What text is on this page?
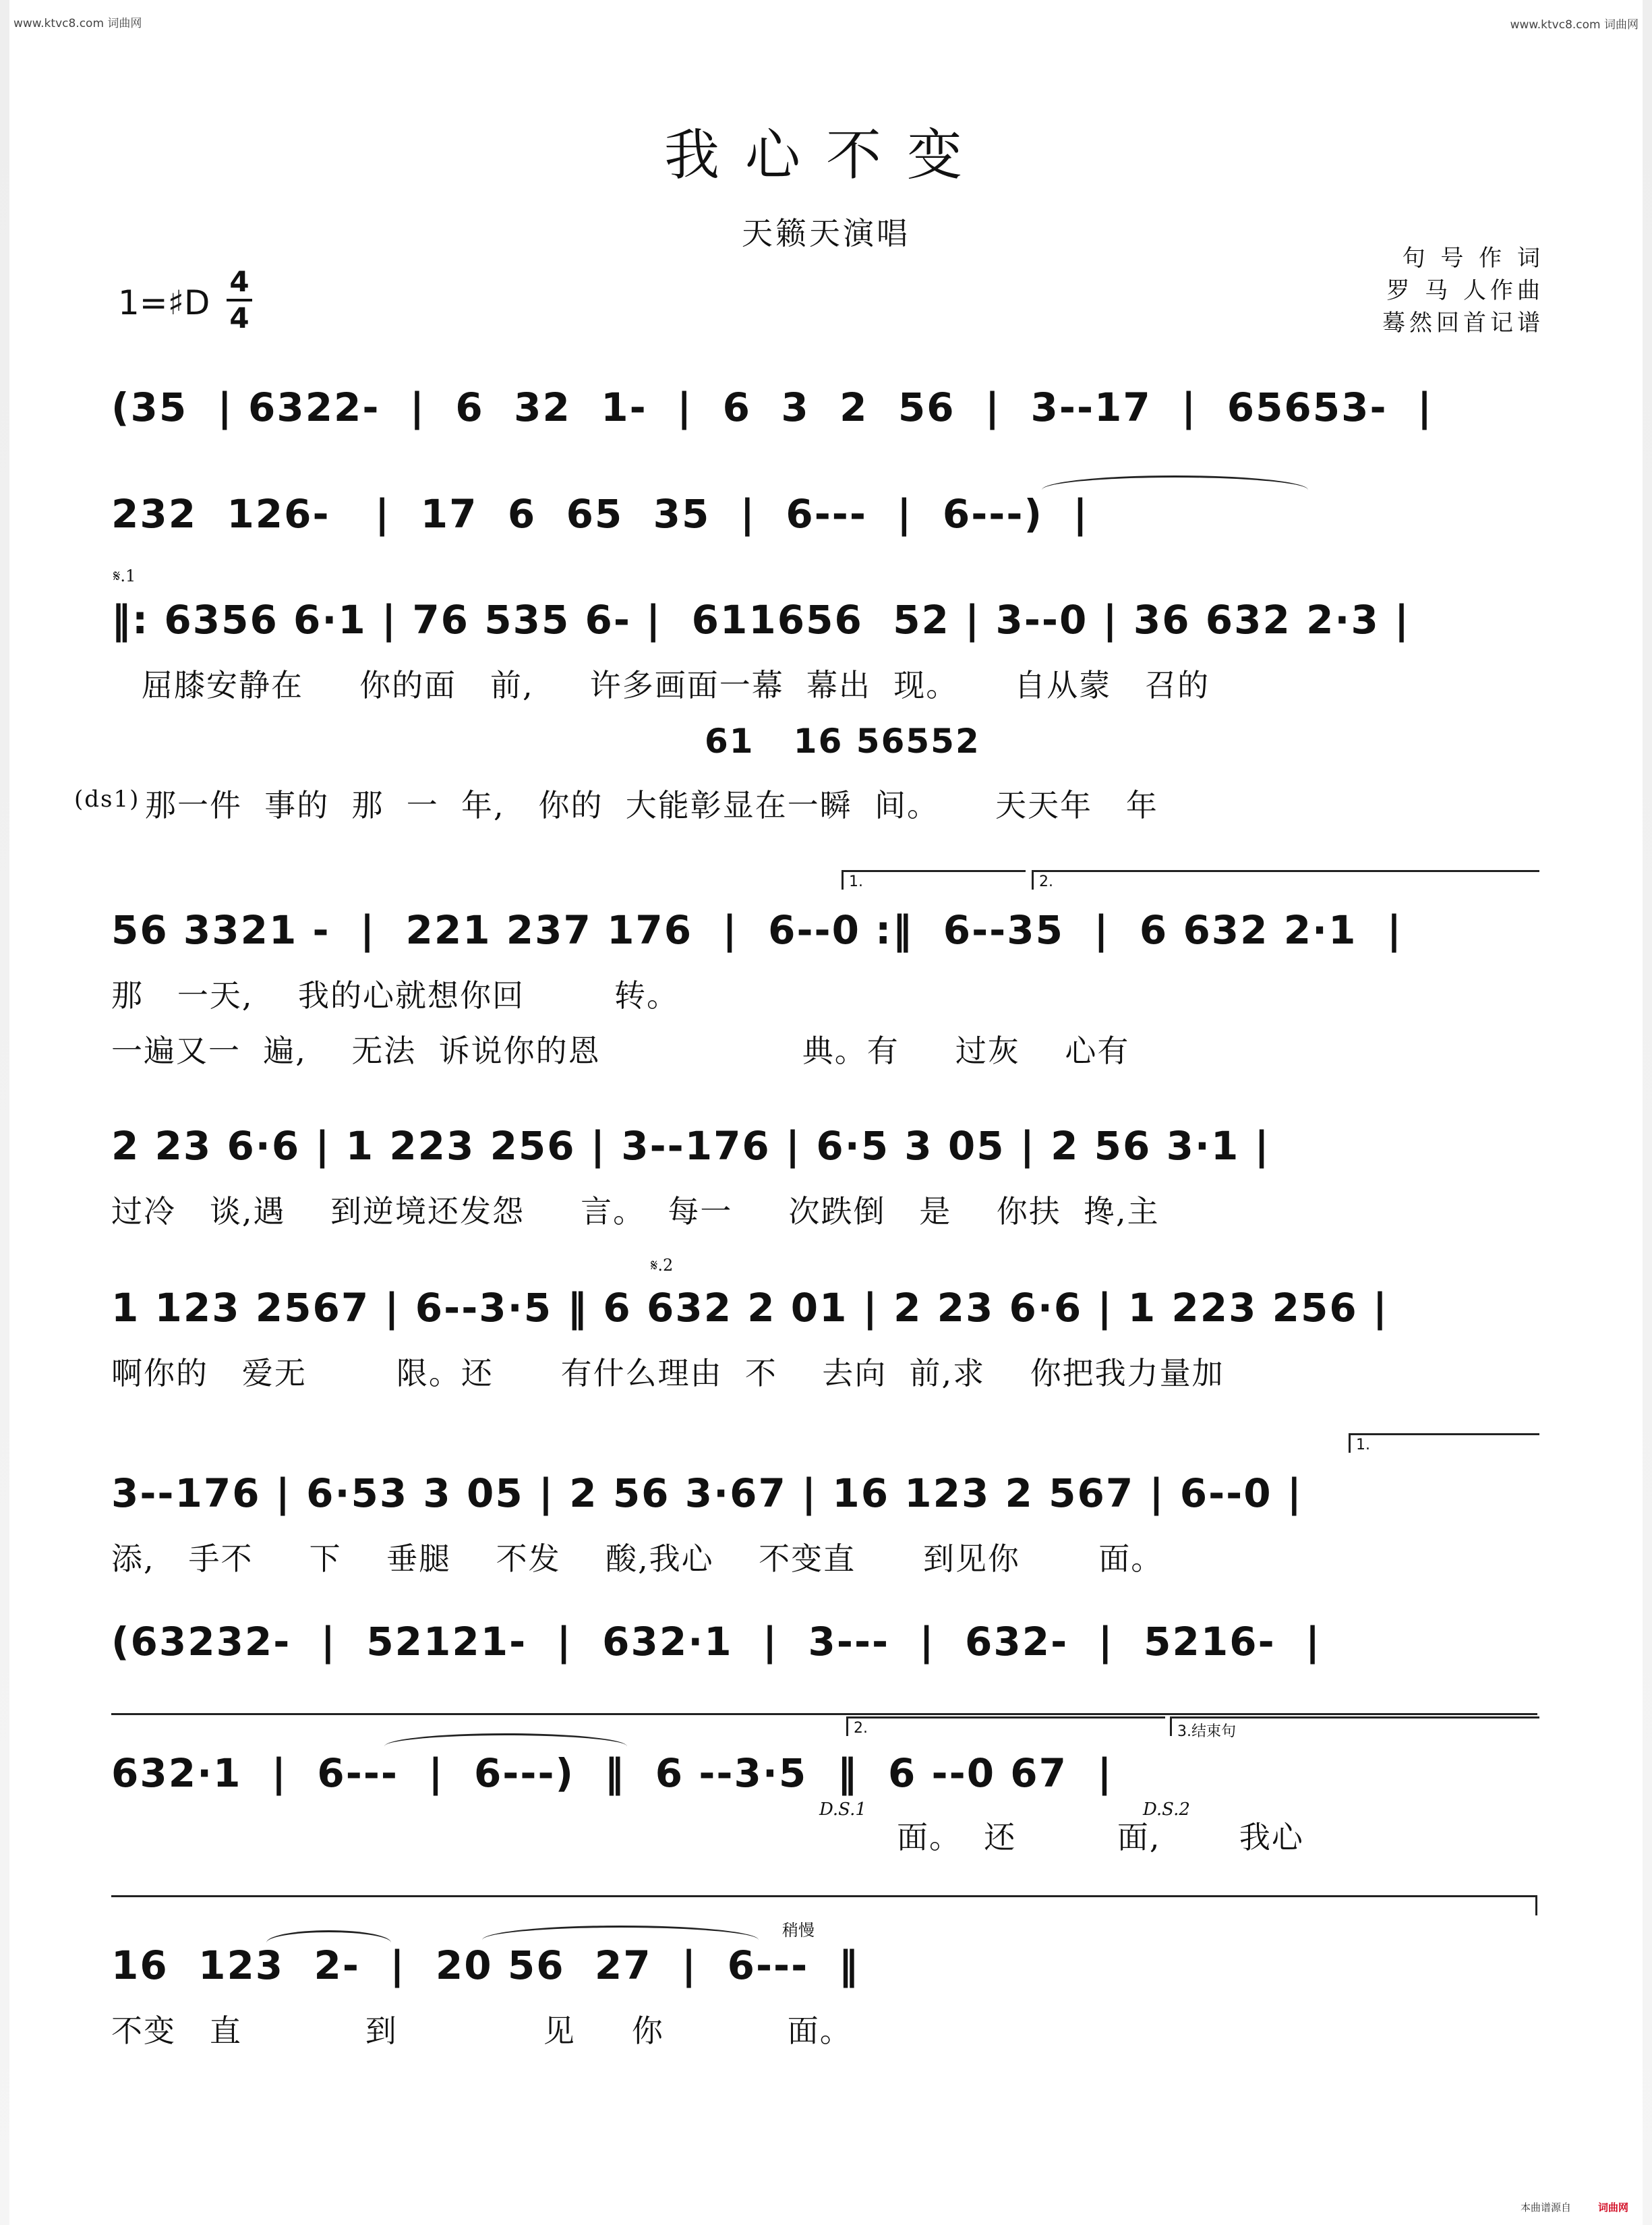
www.ktvc8.com 词曲网	www.ktvc8.com 词曲网
我心不变
天籁天演唱
句 号 作 词
罗 马 人作曲
蓦然回首记谱
1=♯D
4
4
(35  | 6322-  |  6  32  1-  |  6  3  2  56  |  3--17  |  65653-  |
232  126-   |  17  6  65  35  |  6---  |  6---)  |
𝄋.1
‖: 6356 6·1 | 76 535 6- |  611656  52 | 3--0 | 36 632 2·3 |
屈膝安静在     你的面   前,     许多画面一幕  幕出  现。     自从蒙   召的
61   16 56552
(ds1) 那一件  事的  那  一  年,   你的  大能彰显在一瞬  间。     天天年   年
1.	2.
56 3321 -  |  221 237 176  |  6--0 :‖  6--35  |  6 632 2·1  |
那   一天,    我的心就想你回        转。
一遍又一  遍,    无法  诉说你的恩                  典。有     过灰    心有
2 23 6·6 | 1 223 256 | 3--176 | 6·5 3 05 | 2 56 3·1 |
过冷   谈,遇    到逆境还发怨     言。  每一     次跌倒   是    你扶  搀,主
𝄋.2
1 123 2567 | 6--3·5 ‖ 6 632 2 01 | 2 23 6·6 | 1 223 256 |
啊你的   爱无        限。还      有什么理由  不    去向  前,求    你把我力量加
1.
3--176 | 6·53 3 05 | 2 56 3·67 | 16 123 2 567 | 6--0 |
添,   手不     下    垂腿    不发    酸,我心    不变直      到见你       面。
(63232-  |  52121-  |  632·1  |  3---  |  632-  |  5216-  |
2.	3.结束句
632·1  |  6---  |  6---)  ‖  6 --3·5  ‖  6 --0 67  |
D.S.1	D.S.2
面。  还         面,       我心
稍慢
16  123  2-  |  20 56  27  |  6---  ‖
不变   直           到             见     你           面。
本曲谱源自	词曲网
